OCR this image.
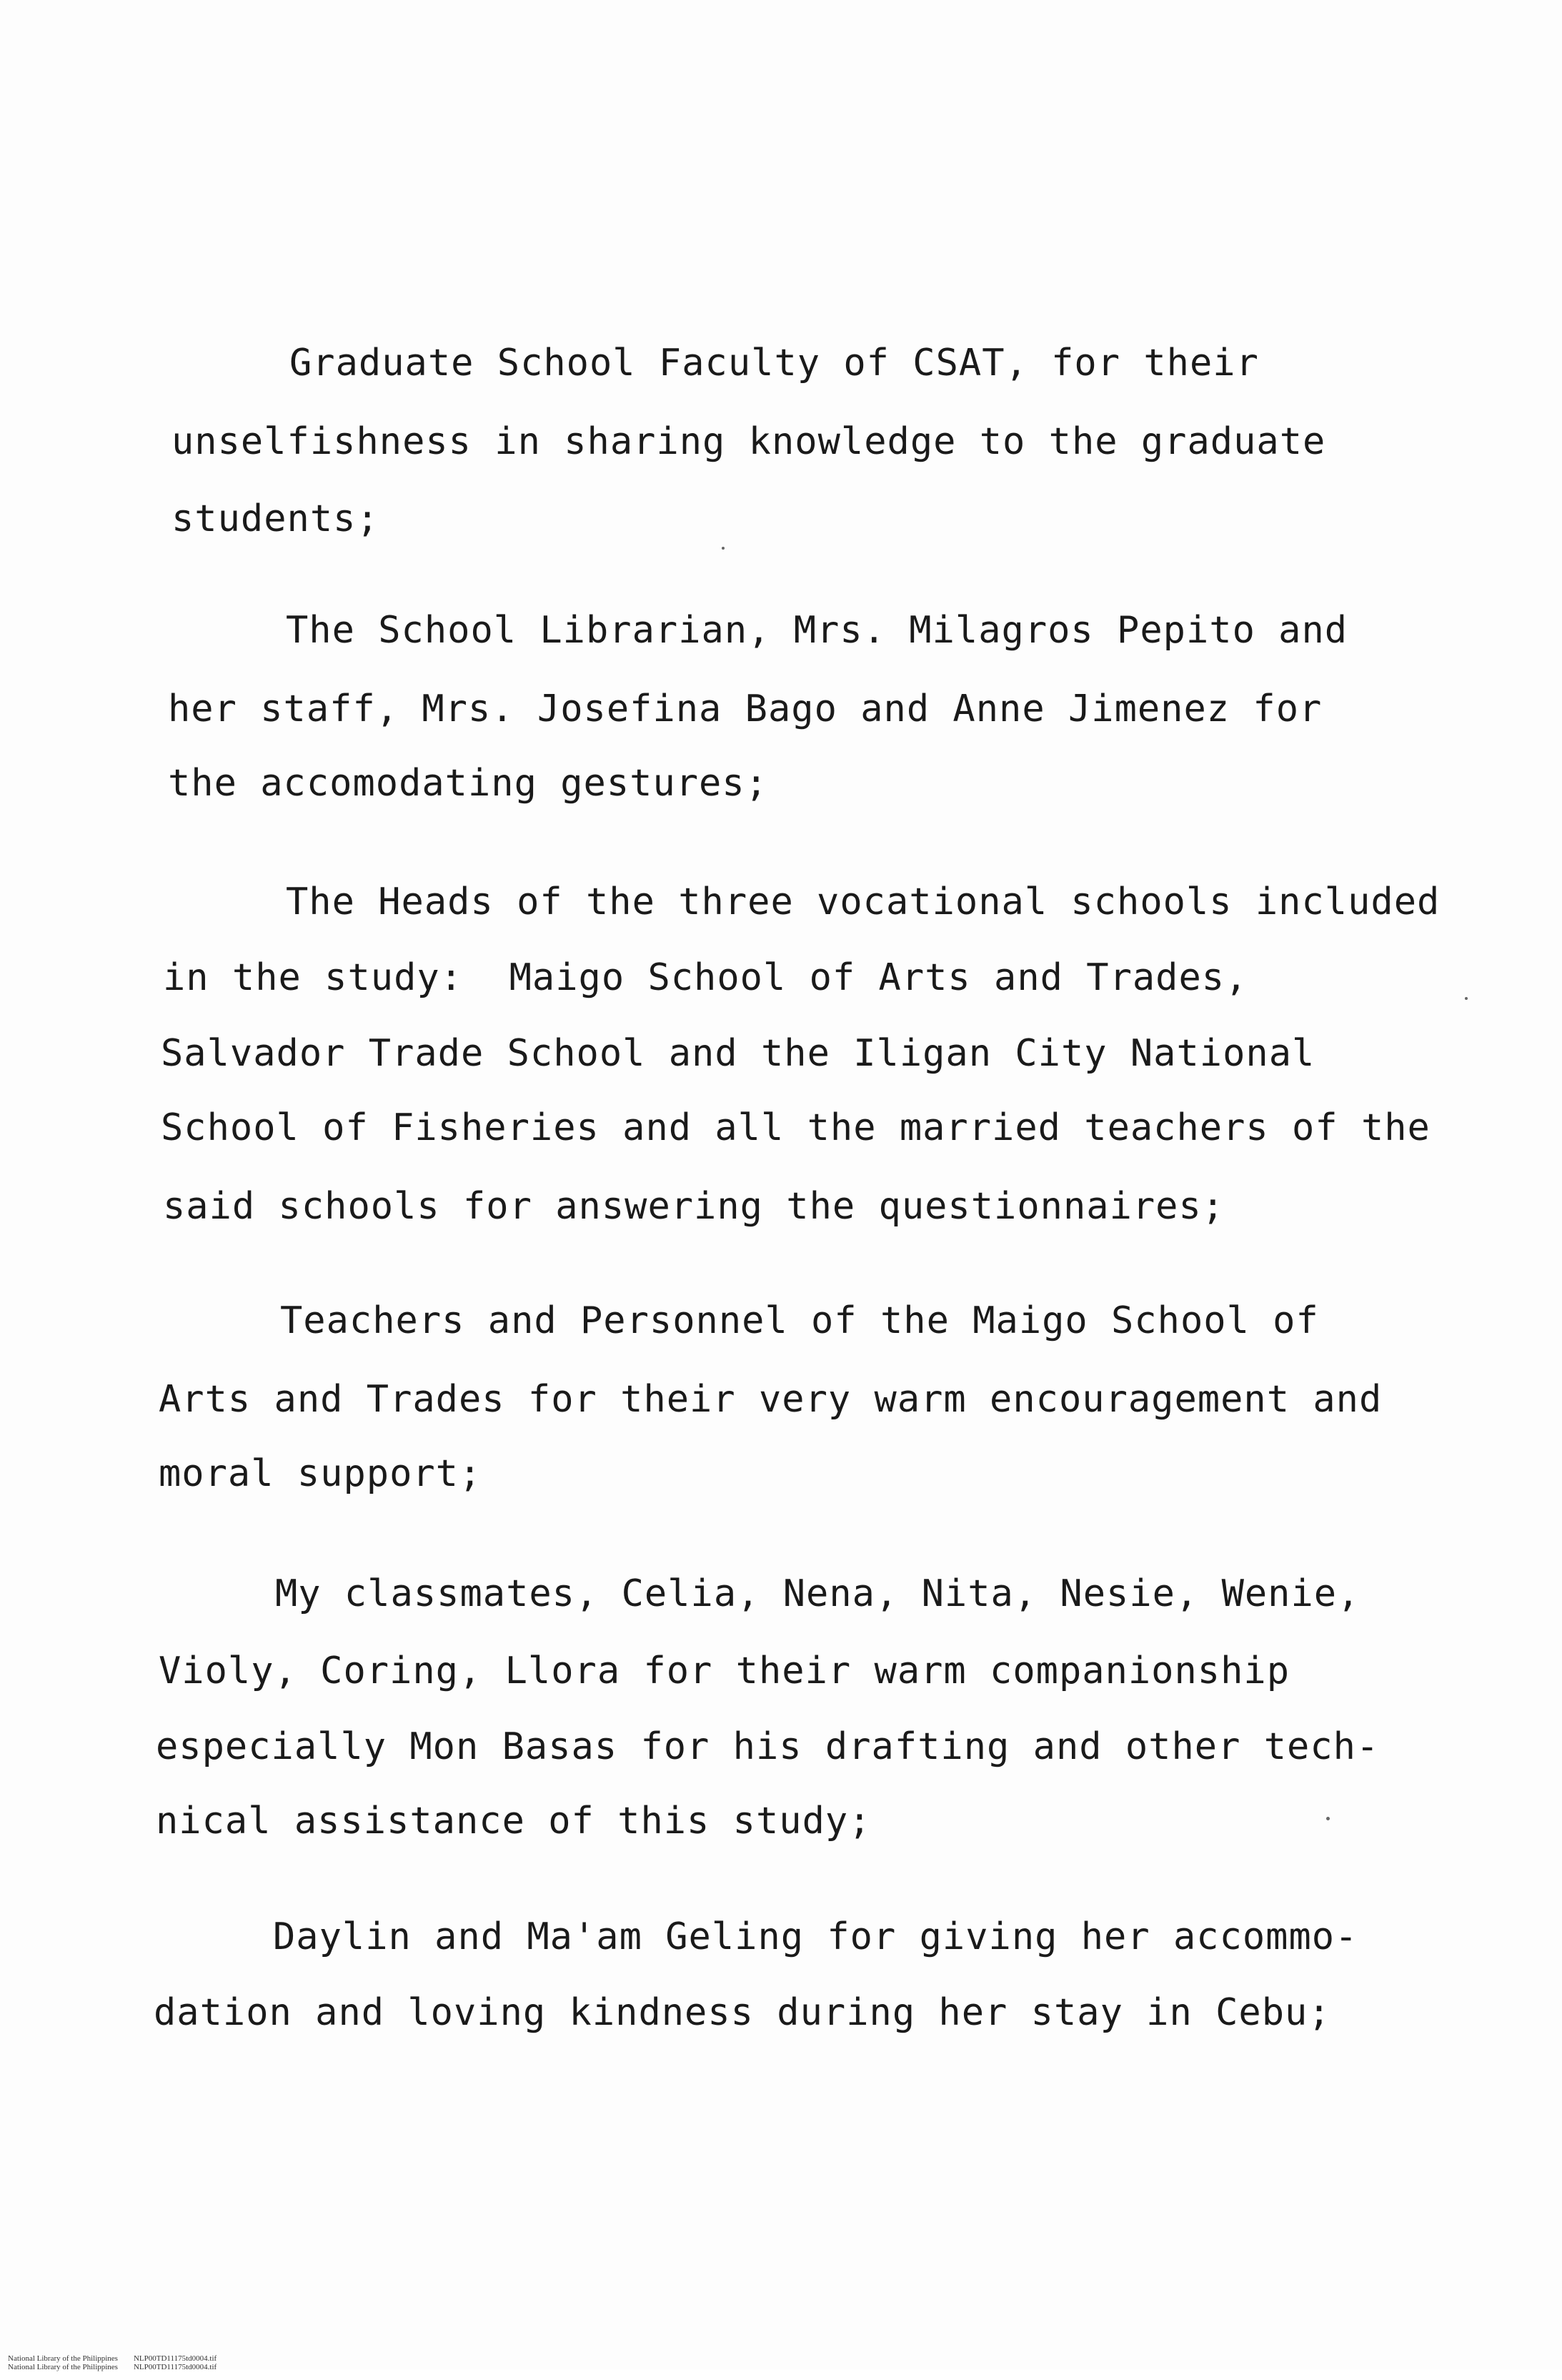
Graduate School Faculty of CSAT, for their
unselfishness in sharing knowledge to the graduate
students;
The School Librarian, Mrs. Milagros Pepito and
her staff, Mrs. Josefina Bago and Anne Jimenez for
the accomodating gestures;
The Heads of the three vocational schools included
in the study:  Maigo School of Arts and Trades,
Salvador Trade School and the Iligan City National
School of Fisheries and all the married teachers of the
said schools for answering the questionnaires;
Teachers and Personnel of the Maigo School of
Arts and Trades for their very warm encouragement and
moral support;
My classmates, Celia, Nena, Nita, Nesie, Wenie,
Violy, Coring, Llora for their warm companionship
especially Mon Basas for his drafting and other tech-
nical assistance of this study;
Daylin and Ma'am Geling for giving her accommo-
dation and loving kindness during her stay in Cebu;

National Library of the Philippines NLP00TD11175td0004.tif

National Library of the Philippines NLP00TD11175td0004.tif
